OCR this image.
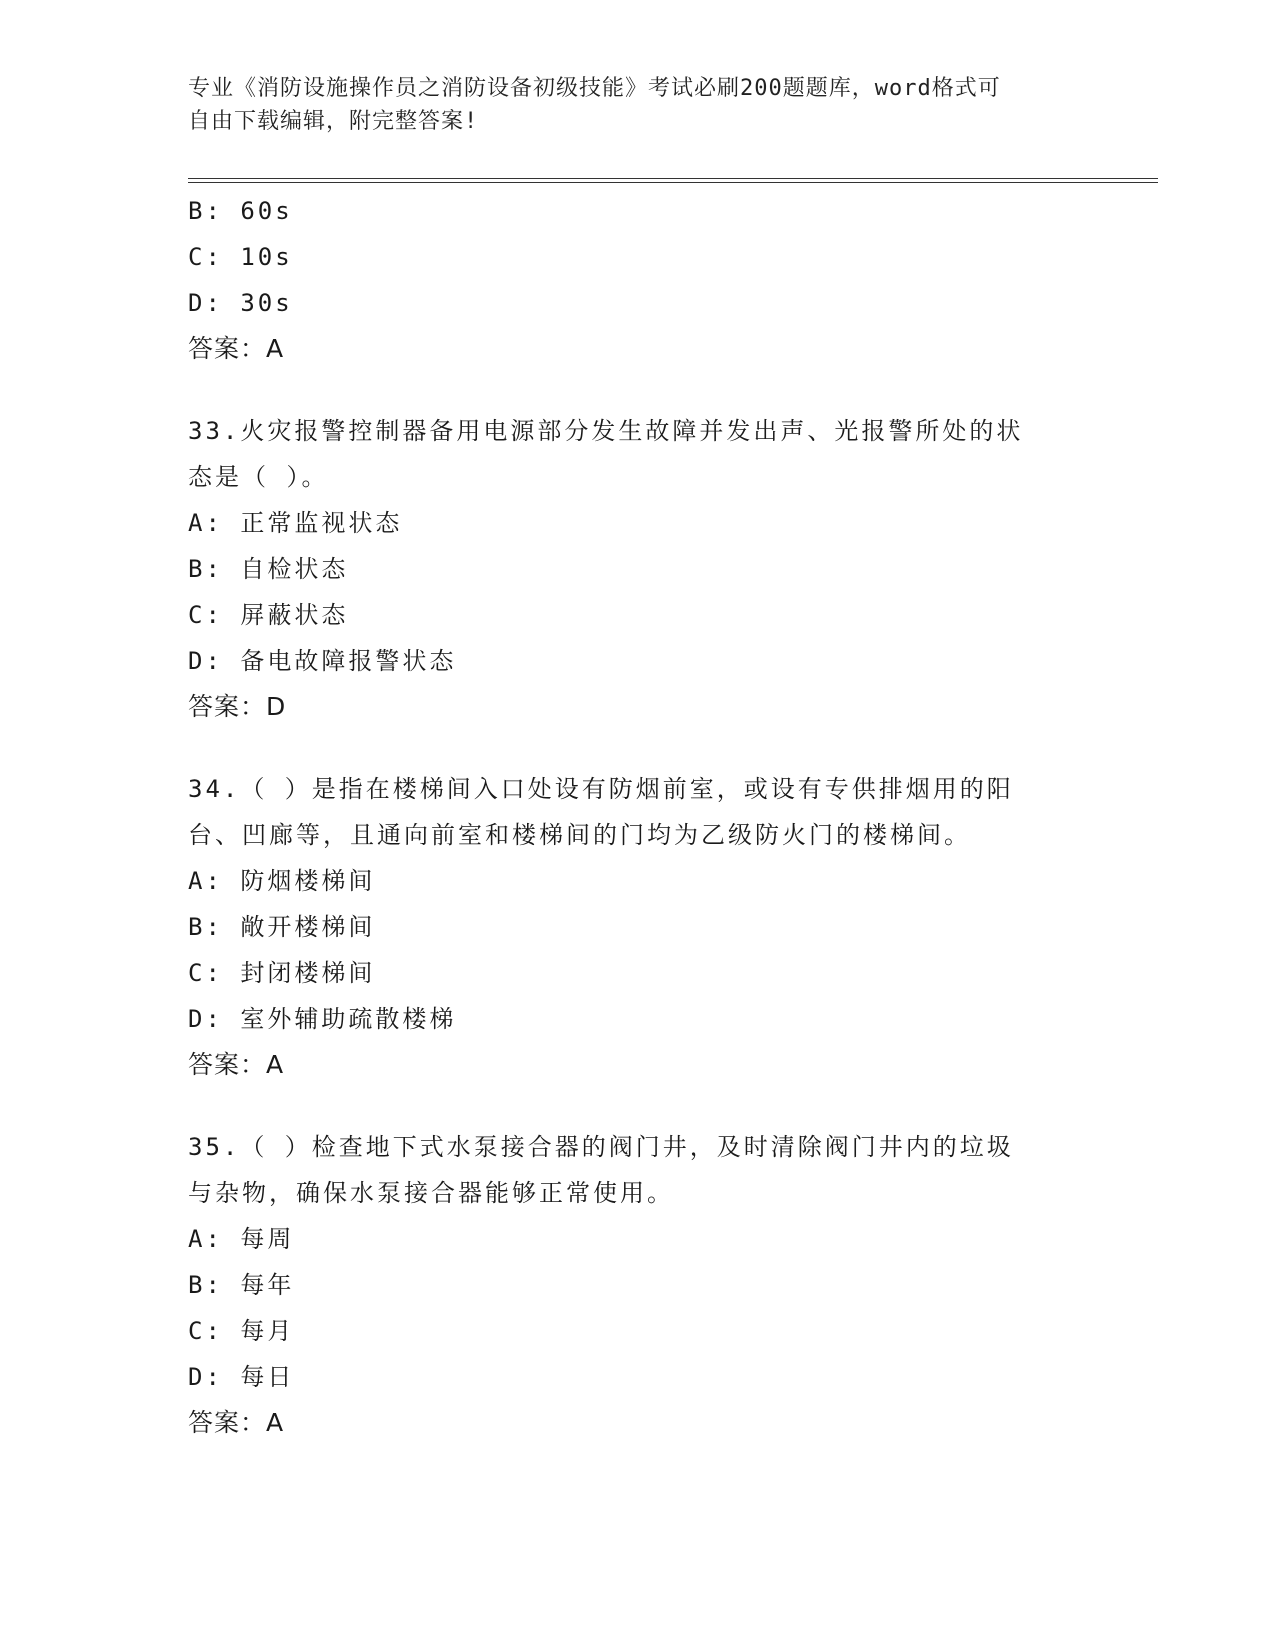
专业《消防设施操作员之消防设备初级技能》考试必刷200题题库，word格式可
自由下载编辑，附完整答案!
B: 60s
C: 10s
D: 30s
答案：A
33.火灾报警控制器备用电源部分发生故障并发出声、光报警所处的状
态是（ ）。
A: 正常监视状态
B: 自检状态
C: 屏蔽状态
D: 备电故障报警状态
答案：D
34.（ ）是指在楼梯间入口处设有防烟前室，或设有专供排烟用的阳
台、凹廊等，且通向前室和楼梯间的门均为乙级防火门的楼梯间。
A: 防烟楼梯间
B: 敞开楼梯间
C: 封闭楼梯间
D: 室外辅助疏散楼梯
答案：A
35.（ ）检查地下式水泵接合器的阀门井，及时清除阀门井内的垃圾
与杂物，确保水泵接合器能够正常使用。
A: 每周
B: 每年
C: 每月
D: 每日
答案：A
